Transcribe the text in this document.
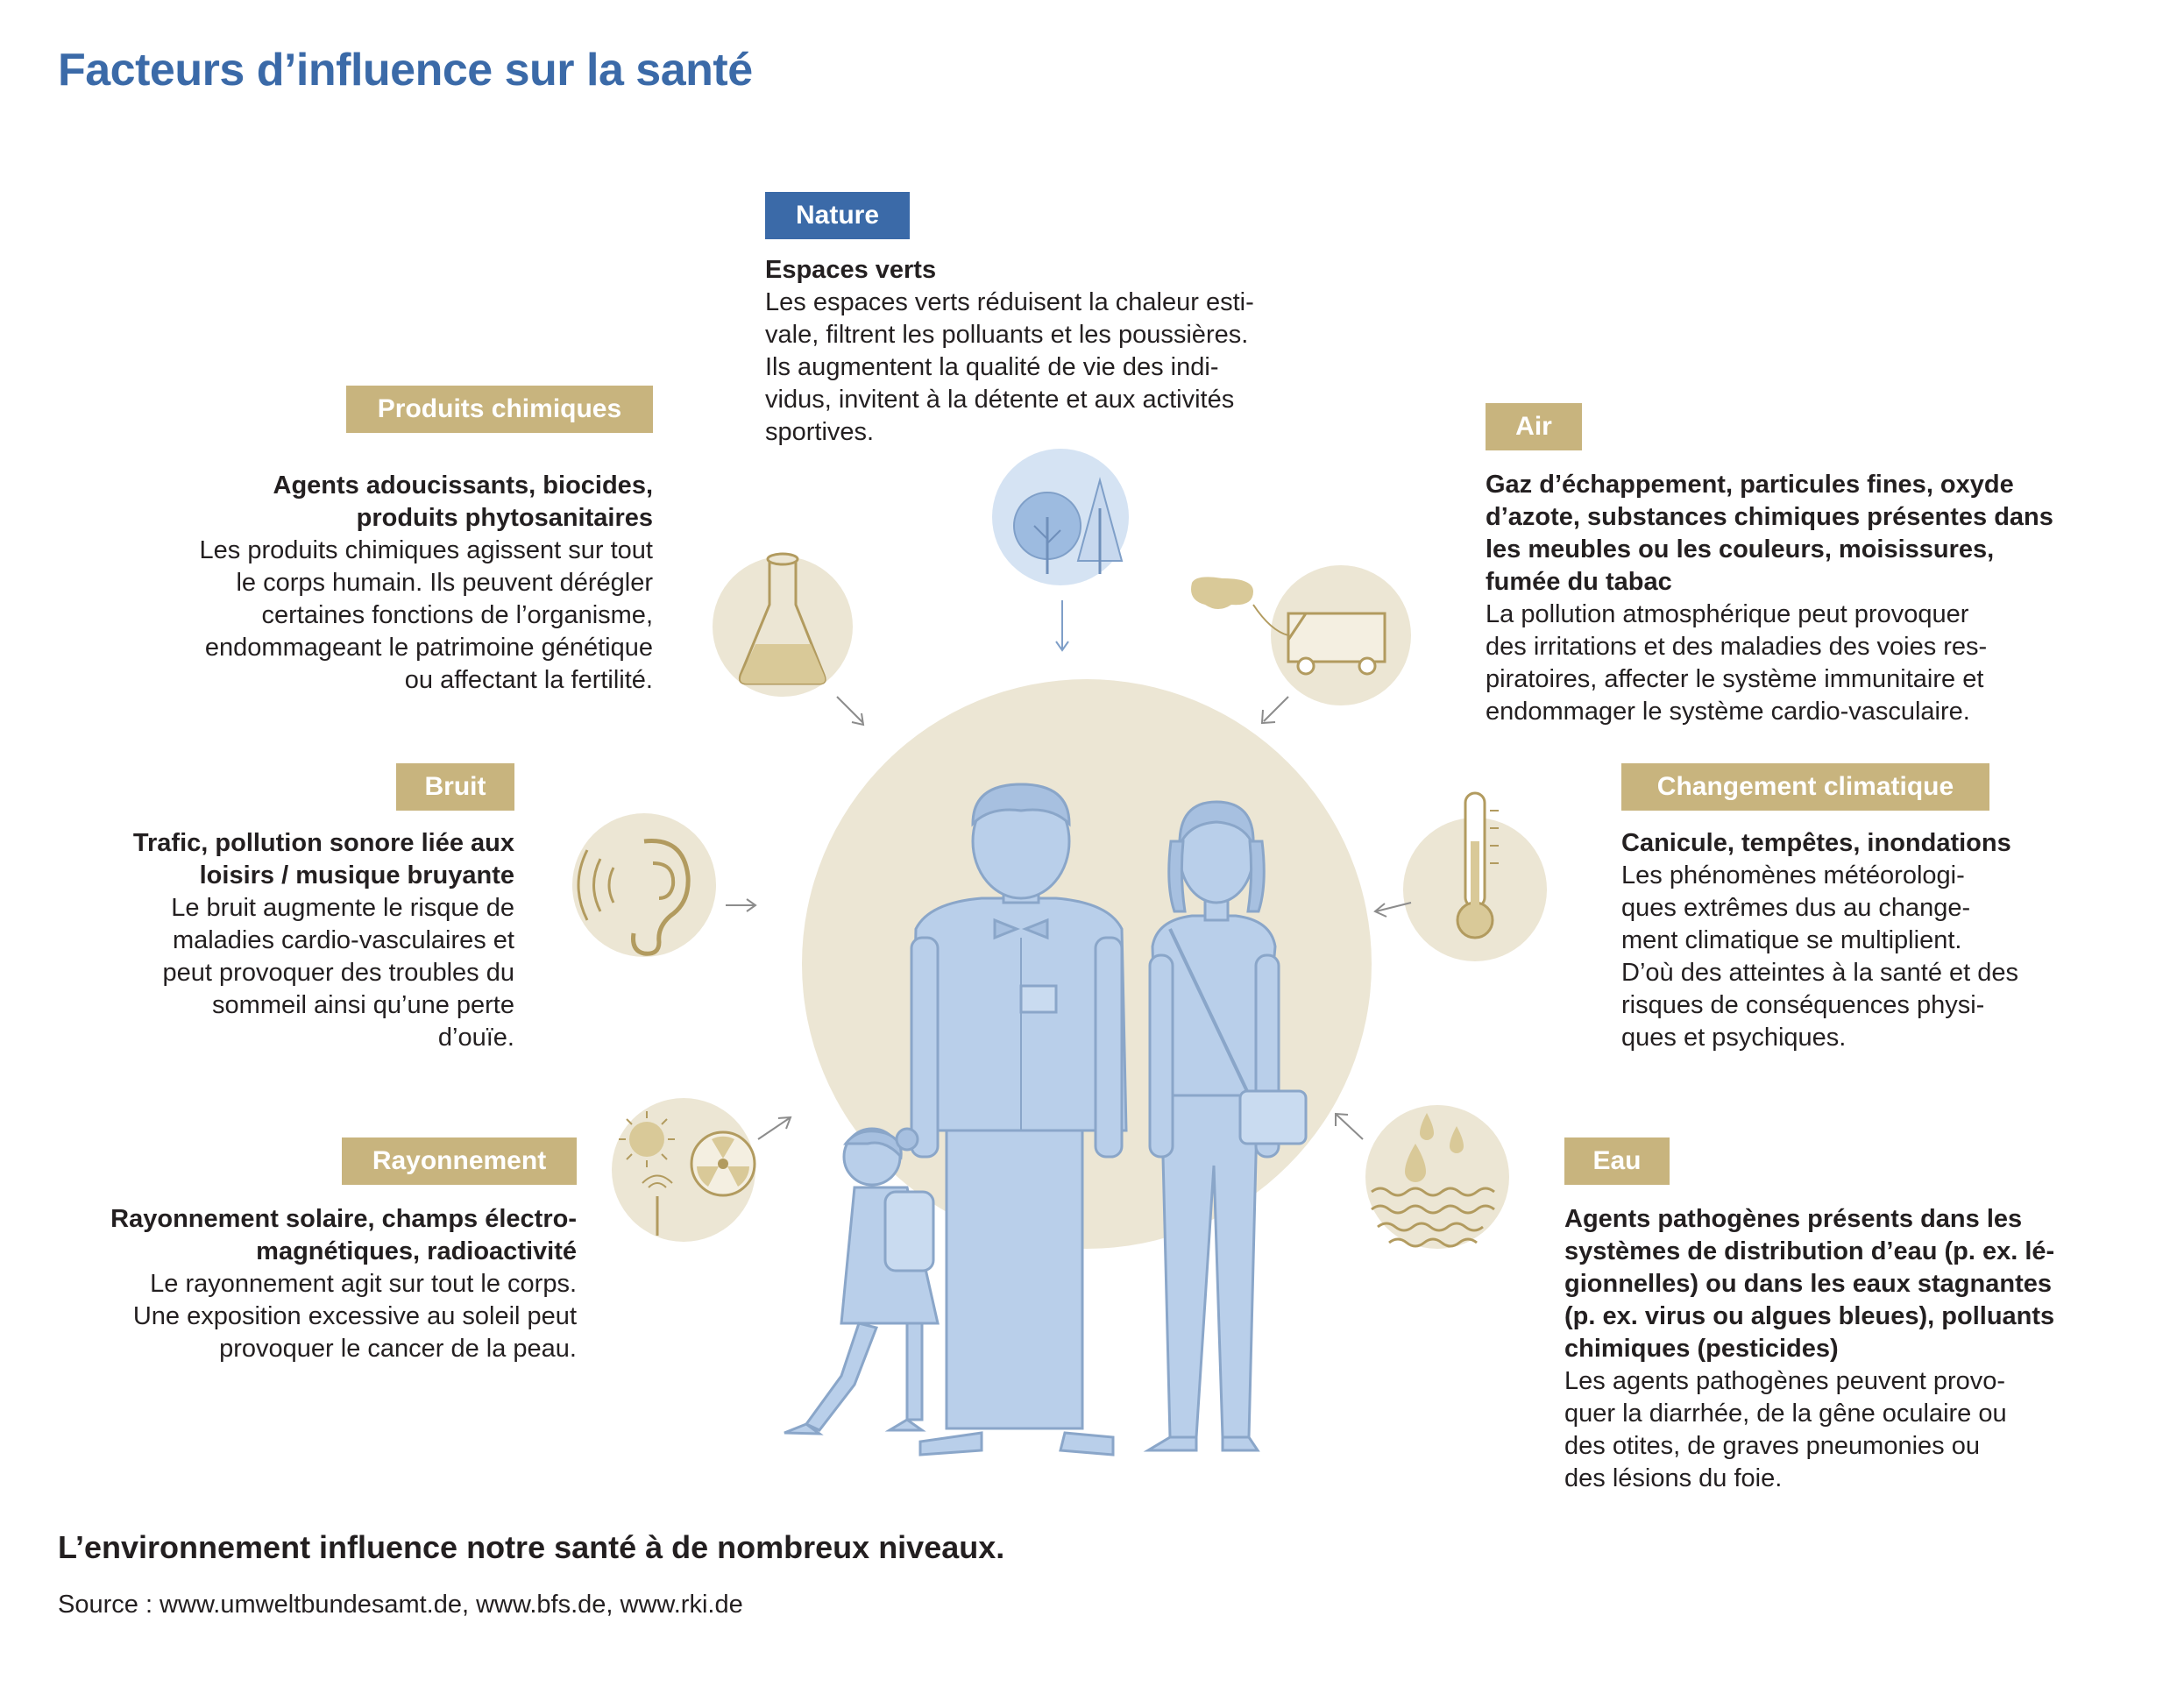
Facteurs d’influence sur la santé
Nature
Espaces verts
Les espaces verts réduisent la chaleur esti-
vale, filtrent les polluants et les poussières.
Ils augmentent la qualité de vie des indi-
vidus, invitent à la détente et aux activités
sportives.
Produits chimiques
Agents adoucissants, biocides,
produits phytosanitaires
Les produits chimiques agissent sur tout
le corps humain. Ils peuvent dérégler
certaines fonctions de l’organisme,
endommageant le patrimoine génétique
ou affectant la fertilité.
Air
Gaz d’échappement, particules fines, oxyde
d’azote, substances chimiques présentes dans
les meubles ou les couleurs, moisissures,
fumée du tabac
La pollution atmosphérique peut provoquer
des irritations et des maladies des voies res-
piratoires, affecter le système immunitaire et
endommager le système cardio-vasculaire.
Bruit
Trafic, pollution sonore liée aux
loisirs / musique bruyante
Le bruit augmente le risque de
maladies cardio-vasculaires et
peut provoquer des troubles du
sommeil ainsi qu’une perte
d’ouïe.
Changement climatique
Canicule, tempêtes, inondations
Les phénomènes météorologi-
ques extrêmes dus au change-
ment climatique se multiplient.
D’où des atteintes à la santé et des
risques de conséquences physi-
ques et psychiques.
Rayonnement
Rayonnement solaire, champs électro-
magnétiques, radioactivité
Le rayonnement agit sur tout le corps.
Une exposition excessive au soleil peut
provoquer le cancer de la peau.
Eau
Agents pathogènes présents dans les
systèmes de distribution d’eau (p. ex. lé-
gionnelles) ou dans les eaux stagnantes
(p. ex. virus ou algues bleues), polluants
chimiques (pesticides)
Les agents pathogènes peuvent provo-
quer la diarrhée, de la gêne oculaire ou
des otites, de graves pneumonies ou
des lésions du foie.
L’environnement influence notre santé à de nombreux niveaux.
Source : www.umweltbundesamt.de, www.bfs.de, www.rki.de
